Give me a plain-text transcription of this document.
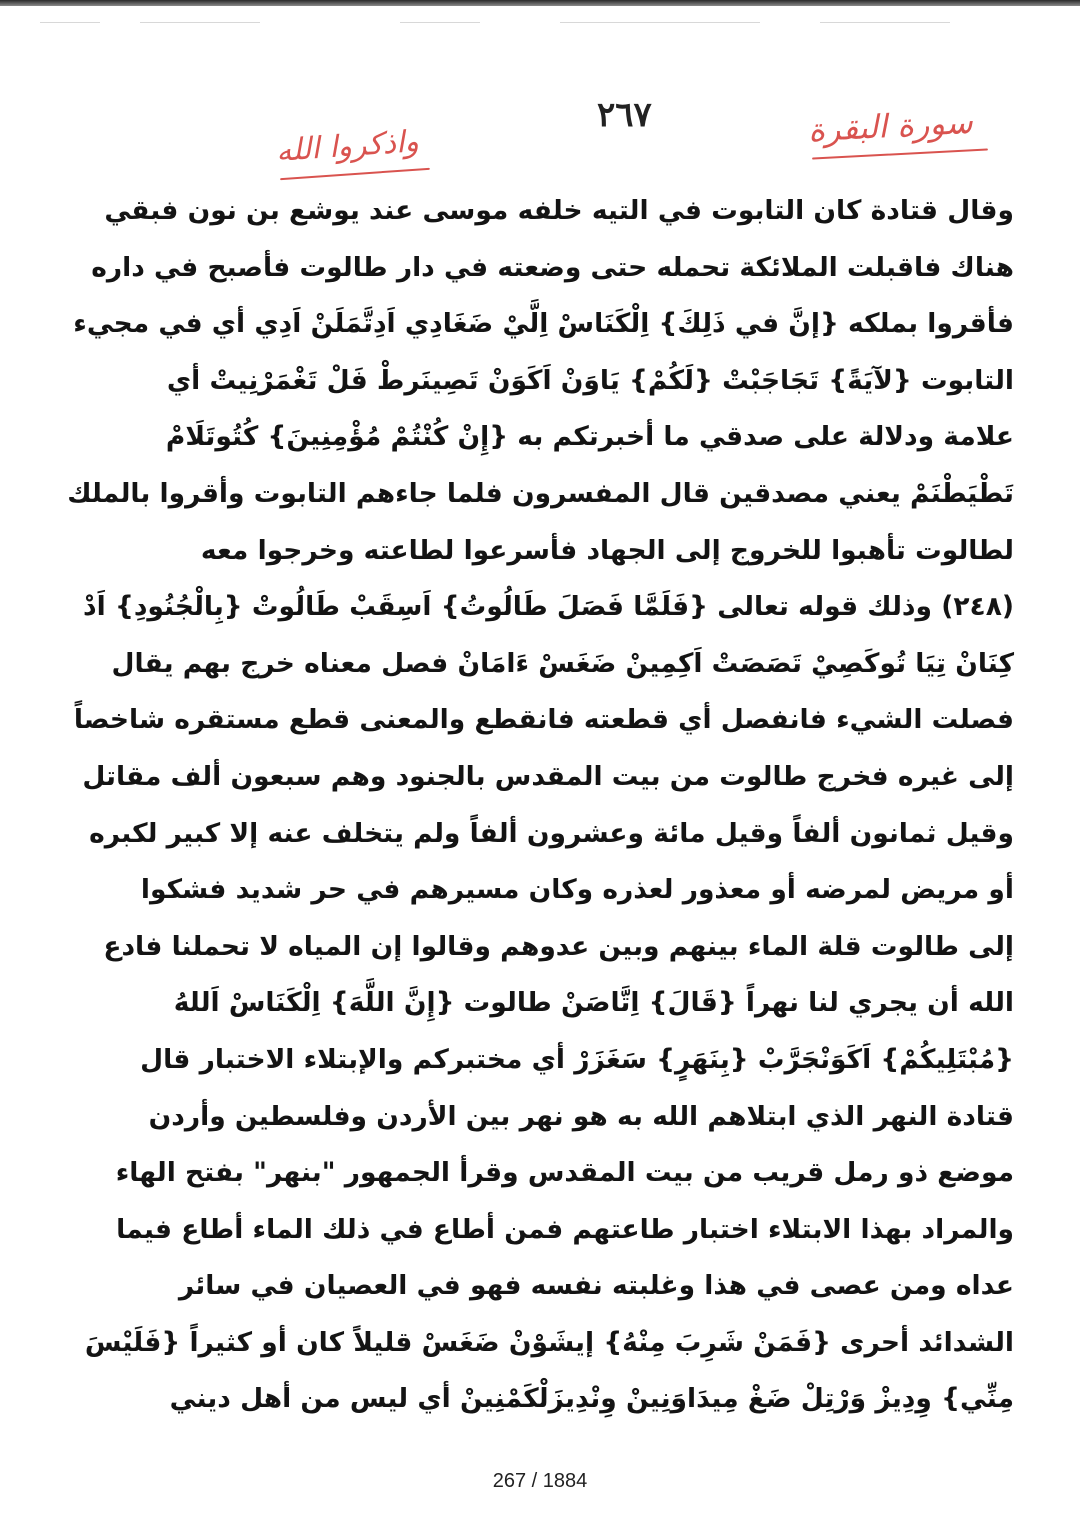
واذكروا الله
٢٦٧	سورة البقرة
وقال قتادة كان التابوت في التيه خلفه موسى عند يوشع بن نون فبقي
هناك فاقبلت الملائكة تحمله حتى وضعته في دار طالوت فأصبح في داره
فأقروا بملكه {إنَّ في ذَلِكَ} اِلْكَنَاسْ اِلَّيْ ضَغَادِي اَدِتَّمَلَنْ اَدِي أي في مجيء
التابوت {لآيَةً} تَجَاجَبْتْ {لَكُمْ} يَاوَنْ اَكَوَنْ تَصِينَرطْ فَلْ تَغْمَرْنِيتْ أي
علامة ودلالة على صدقي ما أخبرتكم به {إِنْ كُنْتُمْ مُؤْمِنِينَ} كُتُوتَلَامْ
تَطْيَطْنَمْ يعني مصدقين قال المفسرون فلما جاءهم التابوت وأقروا بالملك
لطالوت تأهبوا للخروج إلى الجهاد فأسرعوا لطاعته وخرجوا معه
(٢٤٨) وذلك قوله تعالى {فَلَمَّا فَصَلَ طَالُوتُ} اَسِقَبْ طَالُوتْ {بِالْجُنُودِ} اَدْ
كِنَانْ تِيَا تُوكَصِيْ تَصَصَتْ اَكِمِينْ ضَغَسْ ءَامَانْ فصل معناه خرج بهم يقال
فصلت الشيء فانفصل أي قطعته فانقطع والمعنى قطع مستقره شاخصاً
إلى غيره فخرج طالوت من بيت المقدس بالجنود وهم سبعون ألف مقاتل
وقيل ثمانون ألفاً وقيل مائة وعشرون ألفاً ولم يتخلف عنه إلا كبير لكبره
أو مريض لمرضه أو معذور لعذره وكان مسيرهم في حر شديد فشكوا
إلى طالوت قلة الماء بينهم وبين عدوهم وقالوا إن المياه لا تحملنا فادع
الله أن يجري لنا نهراً {قَالَ} اِتَّاصَنْ طالوت {إِنَّ اللَّهَ} اِلْكَنَاسْ اَللهُ
{مُبْتَلِيكُمْ} اَكَوَنْجَرَّبْ {بِنَهَرٍ} سَغَزَرْ أي مختبركم والإبتلاء الاختبار قال
قتادة النهر الذي ابتلاهم الله به هو نهر بين الأردن وفلسطين وأردن
موضع ذو رمل قريب من بيت المقدس وقرأ الجمهور "بنهر" بفتح الهاء
والمراد بهذا الابتلاء اختبار طاعتهم فمن أطاع في ذلك الماء أطاع فيما
عداه ومن عصى في هذا وغلبته نفسه فهو في العصيان في سائر
الشدائد أحرى {فَمَنْ شَرِبَ مِنْهُ} إيشَوْنْ ضَغَسْ قليلاً كان أو كثيراً {فَلَيْسَ
مِنِّي} وِدِيزْ وَرْتِلْ ضَغْ مِيدَاوَنِينْ وِنْدِيزَلْكَمْنِينْ أي ليس من أهل ديني
267 / 1884
